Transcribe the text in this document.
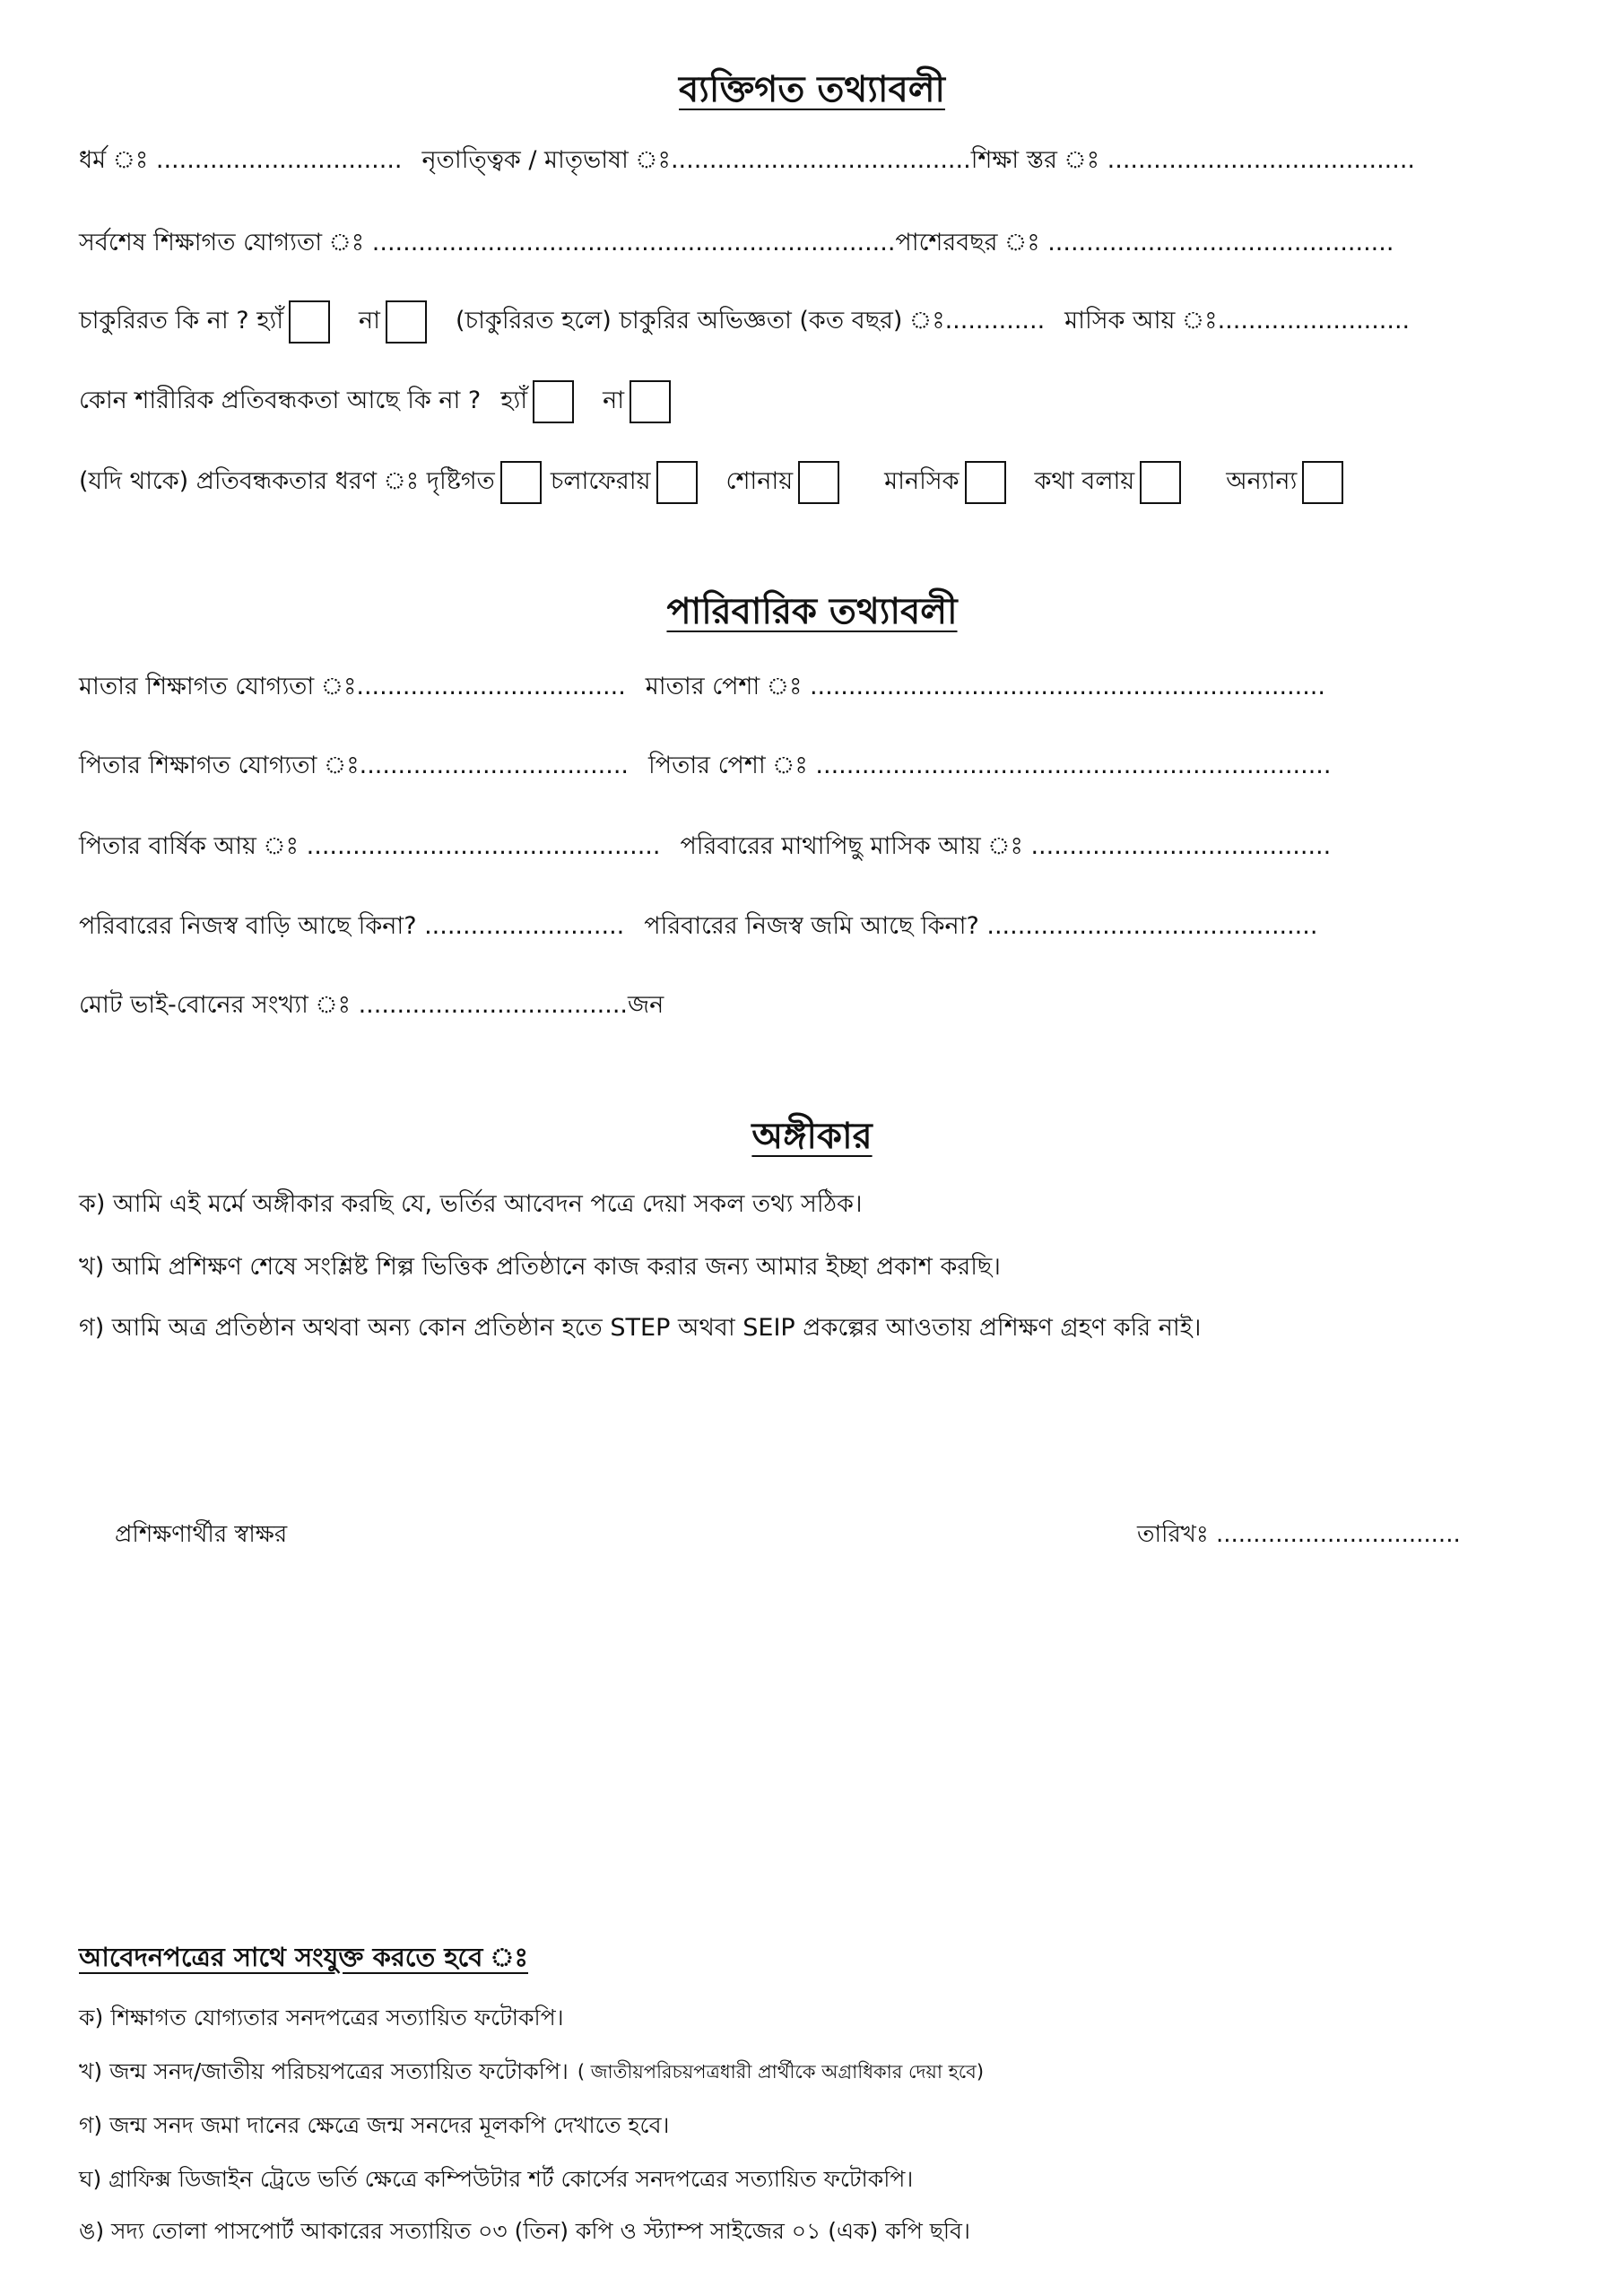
ব্যক্তিগত তথ্যাবলী
ধর্ম ঃ ................................ নৃতাত্ত্বিক / মাতৃভাষা ঃ....................................... শিক্ষা স্তর ঃ ........................................
সর্বশেষ শিক্ষাগত যোগ্যতা ঃ .................................................................... পাশেরবছর ঃ .............................................
চাকুরিরত কি না ? হ্যাঁ	না	(চাকুরিরত হলে) চাকুরির অভিজ্ঞতা (কত বছর) ঃ............. মাসিক আয় ঃ.........................
কোন শারীরিক প্রতিবন্ধকতা আছে কি না ? হ্যাঁ	না
(যদি থাকে) প্রতিবন্ধকতার ধরণ ঃ দৃষ্টিগত চলাফেরায়	শোনায়	মানসিক	কথা বলায়	অন্যান্য
পারিবারিক তথ্যাবলী
মাতার শিক্ষাগত যোগ্যতা ঃ................................... মাতার পেশা ঃ ...................................................................
পিতার শিক্ষাগত যোগ্যতা ঃ................................... পিতার পেশা ঃ ...................................................................
পিতার বার্ষিক আয় ঃ .............................................. পরিবারের মাথাপিছু মাসিক আয় ঃ .......................................
পরিবারের নিজস্ব বাড়ি আছে কিনা? .......................... পরিবারের নিজস্ব জমি আছে কিনা? ...........................................
মোট ভাই-বোনের সংখ্যা ঃ ...................................জন
অঙ্গীকার
ক) আমি এই মর্মে অঙ্গীকার করছি যে, ভর্তির আবেদন পত্রে দেয়া সকল তথ্য সঠিক।
খ) আমি প্রশিক্ষণ শেষে সংশ্লিষ্ট শিল্প ভিত্তিক প্রতিষ্ঠানে কাজ করার জন্য আমার ইচ্ছা প্রকাশ করছি।
গ) আমি অত্র প্রতিষ্ঠান অথবা অন্য কোন প্রতিষ্ঠান হতে STEP অথবা SEIP প্রকল্পের আওতায় প্রশিক্ষণ গ্রহণ করি নাই।
প্রশিক্ষণার্থীর স্বাক্ষর	তারিখঃ .................................
আবেদনপত্রের সাথে সংযুক্ত করতে হবে ঃ
ক) শিক্ষাগত যোগ্যতার সনদপত্রের সত্যায়িত ফটোকপি।
খ) জন্ম সনদ/জাতীয় পরিচয়পত্রের সত্যায়িত ফটোকপি। ( জাতীয়পরিচয়পত্রধারী প্রার্থীকে অগ্রাধিকার দেয়া হবে)
গ) জন্ম সনদ জমা দানের ক্ষেত্রে জন্ম সনদের মূলকপি দেখাতে হবে।
ঘ) গ্রাফিক্স ডিজাইন ট্রেডে ভর্তি ক্ষেত্রে কম্পিউটার শর্ট কোর্সের সনদপত্রের সত্যায়িত ফটোকপি।
ঙ) সদ্য তোলা পাসপোর্ট আকারের সত্যায়িত ০৩ (তিন) কপি ও স্ট্যাম্প সাইজের ০১ (এক) কপি ছবি।
